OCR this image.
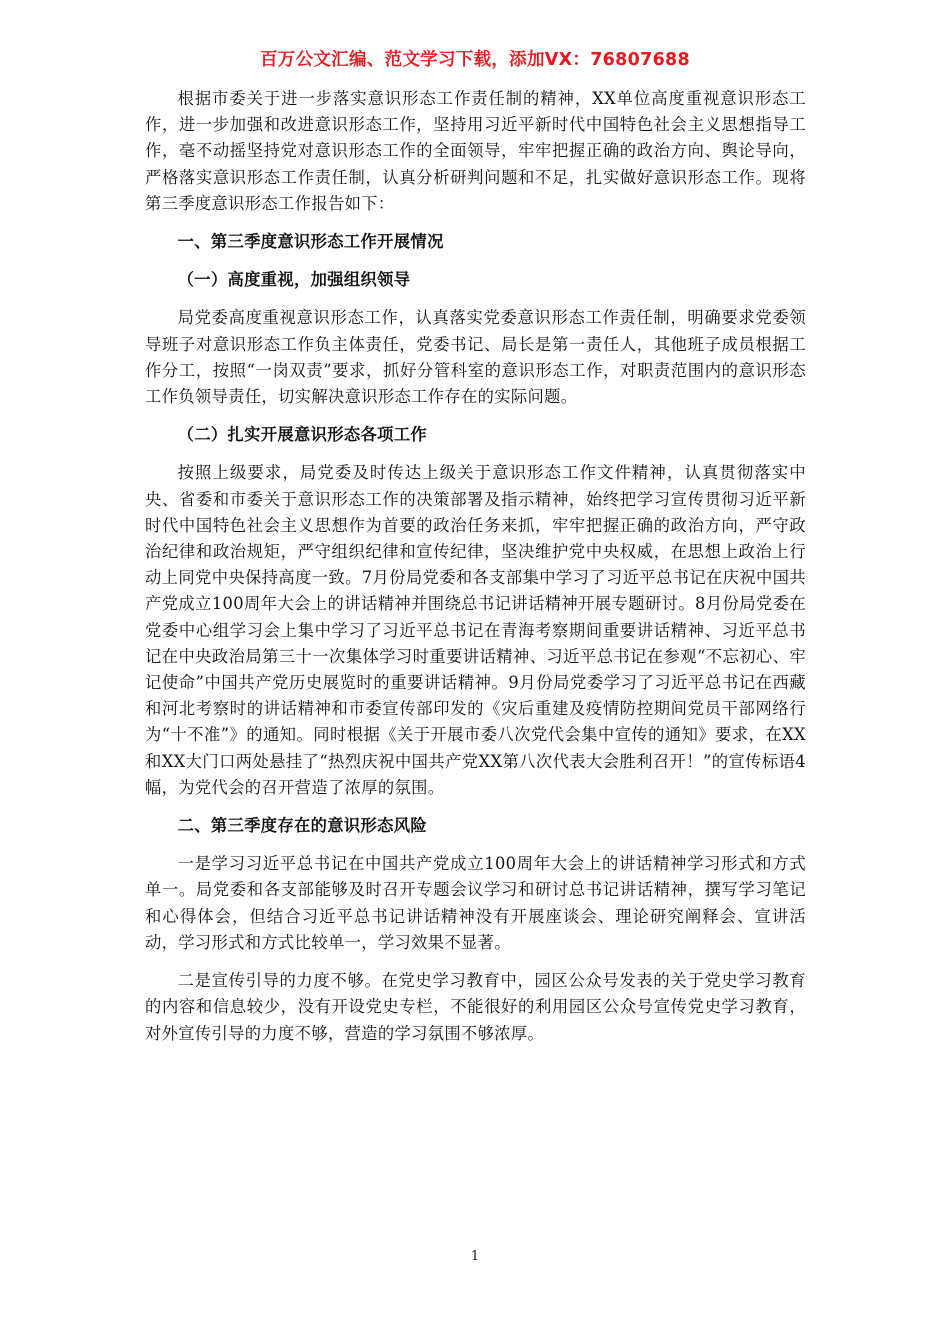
百万公文汇编、范文学习下载，添加VX：76807688

根据市委关于进一步落实意识形态工作责任制的精神，XX单位高度重视意识形态工作，进一步加强和改进意识形态工作，坚持用习近平新时代中国特色社会主义思想指导工作，毫不动摇坚持党对意识形态工作的全面领导，牢牢把握正确的政治方向、舆论导向，严格落实意识形态工作责任制，认真分析研判问题和不足，扎实做好意识形态工作。现将第三季度意识形态工作报告如下：

一、第三季度意识形态工作开展情况
（一）高度重视，加强组织领导

局党委高度重视意识形态工作，认真落实党委意识形态工作责任制，明确要求党委领导班子对意识形态工作负主体责任，党委书记、局长是第一责任人，其他班子成员根据工作分工，按照“一岗双责”要求，抓好分管科室的意识形态工作，对职责范围内的意识形态工作负领导责任，切实解决意识形态工作存在的实际问题。

（二）扎实开展意识形态各项工作

按照上级要求，局党委及时传达上级关于意识形态工作文件精神，认真贯彻落实中央、省委和市委关于意识形态工作的决策部署及指示精神，始终把学习宣传贯彻习近平新时代中国特色社会主义思想作为首要的政治任务来抓，牢牢把握正确的政治方向，严守政治纪律和政治规矩，严守组织纪律和宣传纪律，坚决维护党中央权威，在思想上政治上行动上同党中央保持高度一致。7月份局党委和各支部集中学习了习近平总书记在庆祝中国共产党成立100周年大会上的讲话精神并围绕总书记讲话精神开展专题研讨。8月份局党委在党委中心组学习会上集中学习了习近平总书记在青海考察期间重要讲话精神、习近平总书记在中央政治局第三十一次集体学习时重要讲话精神、习近平总书记在参观“不忘初心、牢记使命”中国共产党历史展览时的重要讲话精神。9月份局党委学习了习近平总书记在西藏和河北考察时的讲话精神和市委宣传部印发的《灾后重建及疫情防控期间党员干部网络行为“十不准”》的通知。同时根据《关于开展市委八次党代会集中宣传的通知》要求，在XX和XX大门口两处悬挂了“热烈庆祝中国共产党XX第八次代表大会胜利召开！”的宣传标语4幅，为党代会的召开营造了浓厚的氛围。

二、第三季度存在的意识形态风险

一是学习习近平总书记在中国共产党成立100周年大会上的讲话精神学习形式和方式单一。局党委和各支部能够及时召开专题会议学习和研讨总书记讲话精神，撰写学习笔记和心得体会，但结合习近平总书记讲话精神没有开展座谈会、理论研究阐释会、宣讲活动，学习形式和方式比较单一，学习效果不显著。

二是宣传引导的力度不够。在党史学习教育中，园区公众号发表的关于党史学习教育的内容和信息较少，没有开设党史专栏，不能很好的利用园区公众号宣传党史学习教育，对外宣传引导的力度不够，营造的学习氛围不够浓厚。

1
